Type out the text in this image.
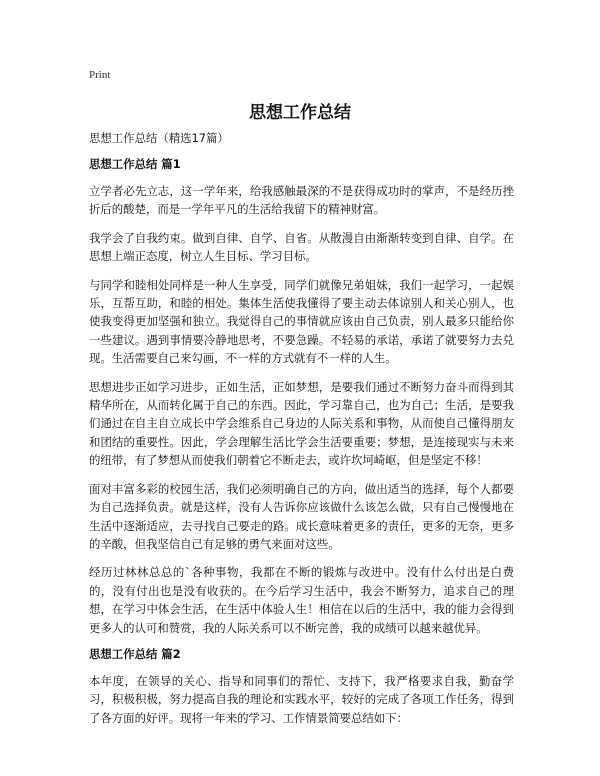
Print
思想工作总结

思想工作总结（精选17篇）

思想工作总结 篇1

立学者必先立志，这一学年来，给我感触最深的不是获得成功时的掌声，不是经历挫折后的酸楚，而是一学年平凡的生活给我留下的精神财富。

我学会了自我约束。做到自律、自学、自省。从散漫自由渐渐转变到自律、自学。在思想上端正态度，树立人生目标、学习目标。

与同学和睦相处同样是一种人生享受，同学们就像兄弟姐妹，我们一起学习，一起娱乐，互帮互助，和睦的相处。集体生活使我懂得了要主动去体谅别人和关心别人，也使我变得更加坚强和独立。我觉得自己的事情就应该由自己负责，别人最多只能给你一些建议。遇到事情要冷静地思考，不要急躁。不轻易的承诺，承诺了就要努力去兑现。生活需要自己来勾画，不一样的方式就有不一样的人生。

思想进步正如学习进步，正如生活，正如梦想，是要我们通过不断努力奋斗而得到其精华所在，从而转化属于自己的东西。因此，学习靠自己，也为自己；生活，是要我们通过在自主自立成长中学会维系自己身边的人际关系和事物，从而使自己懂得朋友和团结的重要性。因此，学会理解生活比学会生活要重要；梦想，是连接现实与未来的纽带，有了梦想从而使我们朝着它不断走去，或许坎坷崎岖，但是坚定不移！

面对丰富多彩的校园生活，我们必须明确自己的方向，做出适当的选择，每个人都要为自己选择负责。就是这样，没有人告诉你应该做什么该怎么做，只有自己慢慢地在生活中逐渐适应，去寻找自己要走的路。成长意味着更多的责任，更多的无奈，更多的辛酸，但我坚信自己有足够的勇气来面对这些。

经历过林林总总的`各种事物，我都在不断的锻炼与改进中。没有什么付出是白费的，没有付出也是没有收获的。在今后学习生活中，我会不断努力，追求自己的理想，在学习中体会生活，在生活中体验人生！相信在以后的生活中，我的能力会得到更多人的认可和赞赏，我的人际关系可以不断完善，我的成绩可以越来越优异。

思想工作总结 篇2

本年度，在领导的关心、指导和同事们的帮忙、支持下，我严格要求自我，勤奋学习，积极积极，努力提高自我的理论和实践水平，较好的完成了各项工作任务，得到了各方面的好评。现将一年来的学习、工作情景简要总结如下：
